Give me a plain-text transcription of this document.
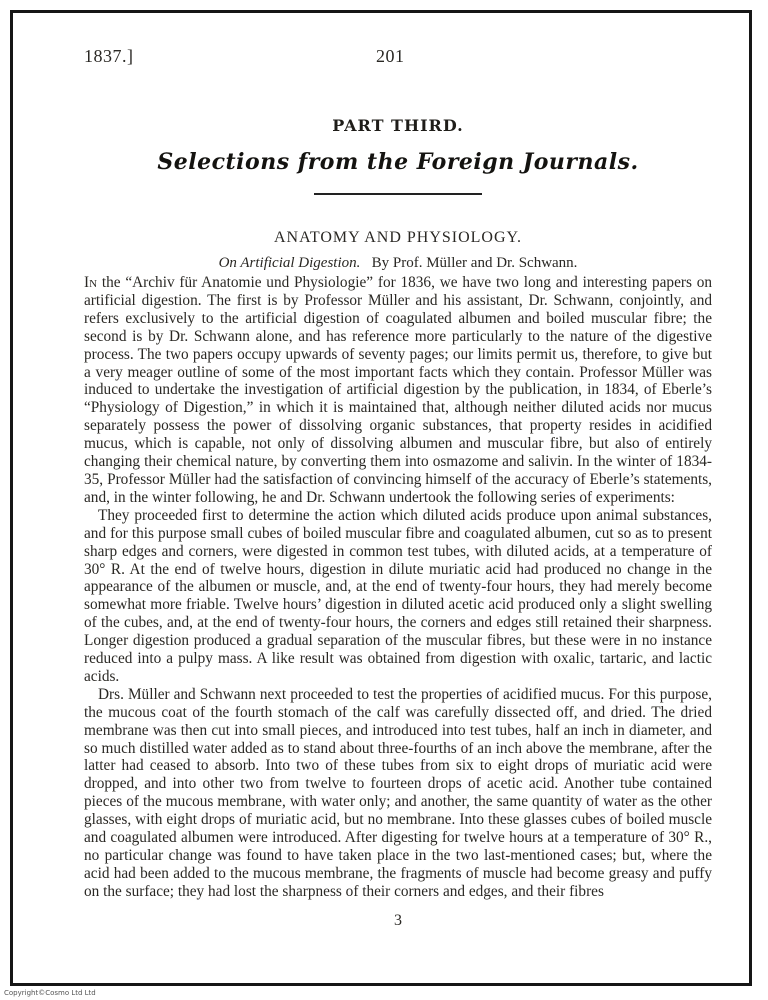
1837.]	201
PART THIRD.
Selections from the Foreign Journals.
ANATOMY AND PHYSIOLOGY.
On Artificial Digestion. By Prof. Müller and Dr. Schwann.

In the “Archiv für Anatomie und Physiologie” for 1836, we have two long and interesting papers on artificial digestion. The first is by Professor Müller and his assistant, Dr. Schwann, conjointly, and refers exclusively to the artificial digestion of coagulated albumen and boiled muscular fibre; the second is by Dr. Schwann alone, and has reference more particularly to the nature of the digestive process. The two papers occupy upwards of seventy pages; our limits permit us, therefore, to give but a very meager outline of some of the most important facts which they contain. Professor Müller was induced to undertake the investigation of artificial digestion by the publication, in 1834, of Eberle’s “Physiology of Digestion,” in which it is maintained that, although neither diluted acids nor mucus separately possess the power of dissolving organic substances, that property resides in acidified mucus, which is capable, not only of dissolving albumen and muscular fibre, but also of entirely changing their chemical nature, by converting them into osmazome and salivin. In the winter of 1834-35, Professor Müller had the satisfaction of convincing himself of the accuracy of Eberle’s statements, and, in the winter following, he and Dr. Schwann undertook the following series of experiments:

They proceeded first to determine the action which diluted acids produce upon animal substances, and for this purpose small cubes of boiled muscular fibre and coagulated albumen, cut so as to present sharp edges and corners, were digested in common test tubes, with diluted acids, at a temperature of 30° R. At the end of twelve hours, digestion in dilute muriatic acid had produced no change in the appearance of the albumen or muscle, and, at the end of twenty-four hours, they had merely become somewhat more friable. Twelve hours’ digestion in diluted acetic acid produced only a slight swelling of the cubes, and, at the end of twenty-four hours, the corners and edges still retained their sharpness. Longer digestion produced a gradual separation of the muscular fibres, but these were in no instance reduced into a pulpy mass. A like result was obtained from digestion with oxalic, tartaric, and lactic acids.

Drs. Müller and Schwann next proceeded to test the properties of acidified mucus. For this purpose, the mucous coat of the fourth stomach of the calf was carefully dissected off, and dried. The dried membrane was then cut into small pieces, and introduced into test tubes, half an inch in diameter, and so much distilled water added as to stand about three-fourths of an inch above the membrane, after the latter had ceased to absorb. Into two of these tubes from six to eight drops of muriatic acid were dropped, and into other two from twelve to fourteen drops of acetic acid. Another tube contained pieces of the mucous membrane, with water only; and another, the same quantity of water as the other glasses, with eight drops of muriatic acid, but no membrane. Into these glasses cubes of boiled muscle and coagulated albumen were introduced. After digesting for twelve hours at a temperature of 30° R., no particular change was found to have taken place in the two last-mentioned cases; but, where the acid had been added to the mucous membrane, the fragments of muscle had become greasy and puffy on the surface; they had lost the sharpness of their corners and edges, and their fibres

3
Copyright©Cosmo Ltd Ltd
